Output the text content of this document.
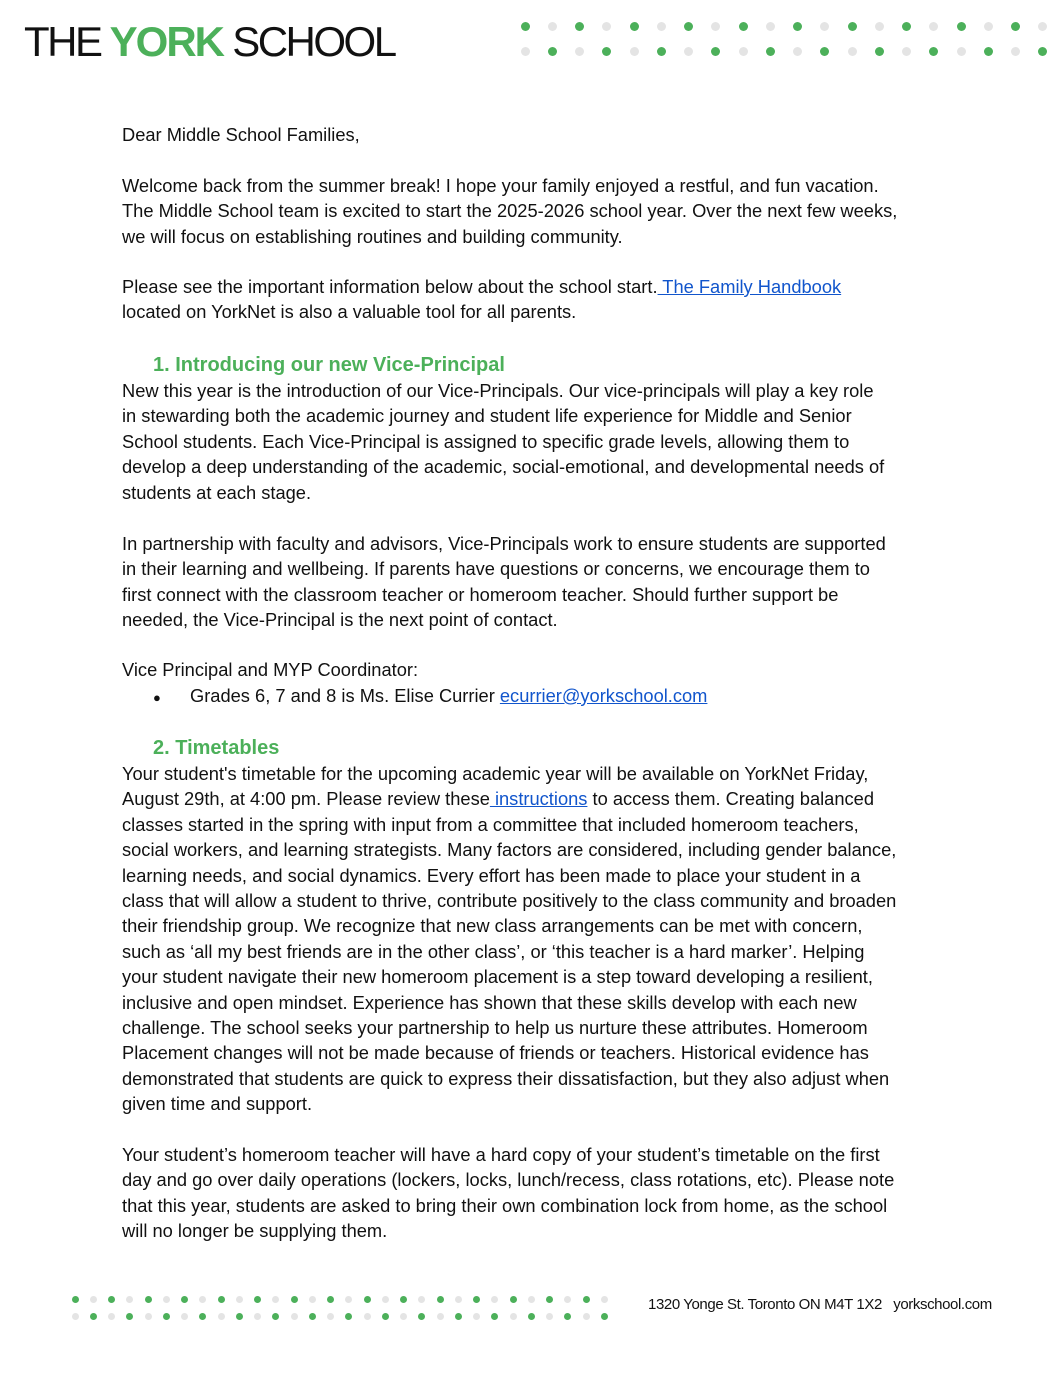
THE YORK SCHOOL
Dear Middle School Families,
Welcome back from the summer break! I hope your family enjoyed a restful, and fun vacation.
The Middle School team is excited to start the 2025-2026 school year. Over the next few weeks,
we will focus on establishing routines and building community.
Please see the important information below about the school start. The Family Handbook
located on YorkNet is also a valuable tool for all parents.
1. Introducing our new Vice-Principal
New this year is the introduction of our Vice-Principals. Our vice-principals will play a key role
in stewarding both the academic journey and student life experience for Middle and Senior
School students. Each Vice-Principal is assigned to specific grade levels, allowing them to
develop a deep understanding of the academic, social-emotional, and developmental needs of
students at each stage.
In partnership with faculty and advisors, Vice-Principals work to ensure students are supported
in their learning and wellbeing. If parents have questions or concerns, we encourage them to
first connect with the classroom teacher or homeroom teacher. Should further support be
needed, the Vice-Principal is the next point of contact.
Vice Principal and MYP Coordinator:
● Grades 6, 7 and 8 is Ms. Elise Currier ecurrier@yorkschool.com
2. Timetables
Your student's timetable for the upcoming academic year will be available on YorkNet Friday,
August 29th, at 4:00 pm. Please review these instructions to access them. Creating balanced
classes started in the spring with input from a committee that included homeroom teachers,
social workers, and learning strategists. Many factors are considered, including gender balance,
learning needs, and social dynamics. Every effort has been made to place your student in a
class that will allow a student to thrive, contribute positively to the class community and broaden
their friendship group. We recognize that new class arrangements can be met with concern,
such as ‘all my best friends are in the other class’, or ‘this teacher is a hard marker’. Helping
your student navigate their new homeroom placement is a step toward developing a resilient,
inclusive and open mindset. Experience has shown that these skills develop with each new
challenge. The school seeks your partnership to help us nurture these attributes. Homeroom
Placement changes will not be made because of friends or teachers. Historical evidence has
demonstrated that students are quick to express their dissatisfaction, but they also adjust when
given time and support.
Your student’s homeroom teacher will have a hard copy of your student’s timetable on the first
day and go over daily operations (lockers, locks, lunch/recess, class rotations, etc). Please note
that this year, students are asked to bring their own combination lock from home, as the school
will no longer be supplying them.
1320 Yonge St. Toronto ON M4T 1X2 yorkschool.com
